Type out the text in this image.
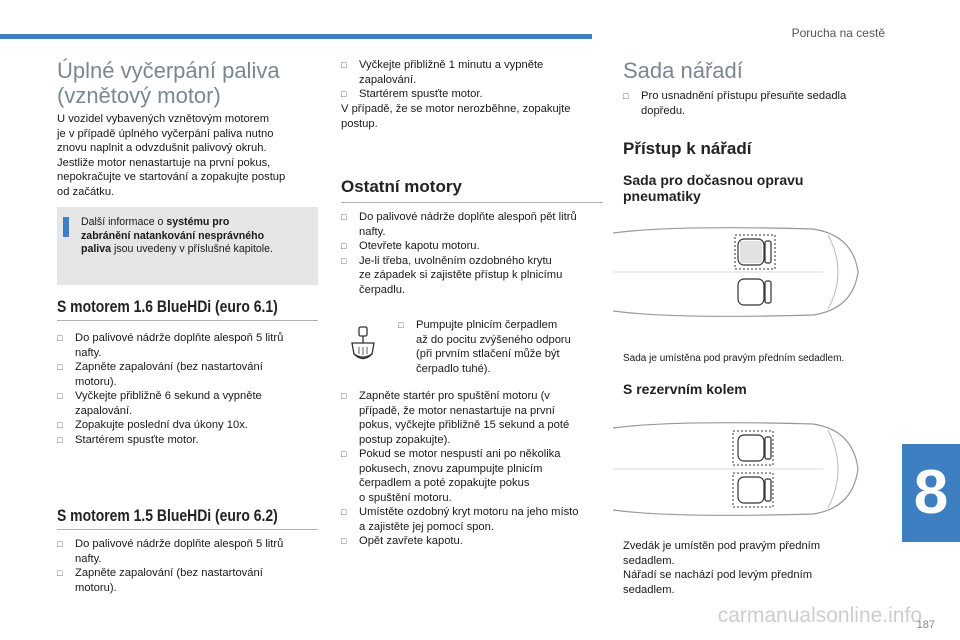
Porucha na cestě
Úplné vyčerpání paliva
(vznětový motor)

U vozidel vybavených vznětovým motorem

je v případě úplného vyčerpání paliva nutno

znovu naplnit a odvzdušnit palivový okruh.

Jestliže motor nenastartuje na první pokus,

nepokračujte ve startování a zopakujte postup

od začátku.

Další informace o systému pro
zabránění natankování nesprávného
paliva jsou uvedeny v příslušné kapitole.
S motorem 1.6 BlueHDi (euro 6.1)
□ Do palivové nádrže doplňte alespoň 5 litrů
nafty.
□ Zapněte zapalování (bez nastartování
motoru).
□ Vyčkejte přibližně 6 sekund a vypněte
zapalování.
□ Zopakujte poslední dva úkony 10x.
□ Startérem spusťte motor.
S motorem 1.5 BlueHDi (euro 6.2)
□ Do palivové nádrže doplňte alespoň 5 litrů
nafty.
□ Zapněte zapalování (bez nastartování
motoru).
□ Vyčkejte přibližně 1 minutu a vypněte
zapalování.
□ Startérem spusťte motor.

V případě, že se motor nerozběhne, zopakujte

postup.

Ostatní motory
□ Do palivové nádrže doplňte alespoň pět litrů
nafty.
□ Otevřete kapotu motoru.
□ Je-li třeba, uvolněním ozdobného krytu
ze západek si zajistěte přístup k plnicímu
čerpadlu.
□ Pumpujte plnicím čerpadlem
až do pocitu zvýšeného odporu
(při prvním stlačení může být
čerpadlo tuhé).
□ Zapněte startér pro spuštění motoru (v
případě, že motor nenastartuje na první
pokus, vyčkejte přibližně 15 sekund a poté
postup zopakujte).
□ Pokud se motor nespustí ani po několika
pokusech, znovu zapumpujte plnicím
čerpadlem a poté zopakujte pokus
o spuštění motoru.
□ Umístěte ozdobný kryt motoru na jeho místo
a zajistěte jej pomocí spon.
□ Opět zavřete kapotu.
Sada nářadí
□ Pro usnadnění přístupu přesuňte sedadla
dopředu.
Přístup k nářadí
Sada pro dočasnou opravu
pneumatiky
Sada je umístěna pod pravým předním sedadlem.
S rezervním kolem

Zvedák je umístěn pod pravým předním

sedadlem.

Nářadí se nachází pod levým předním

sedadlem.

8
carmanualsonline.info
187
